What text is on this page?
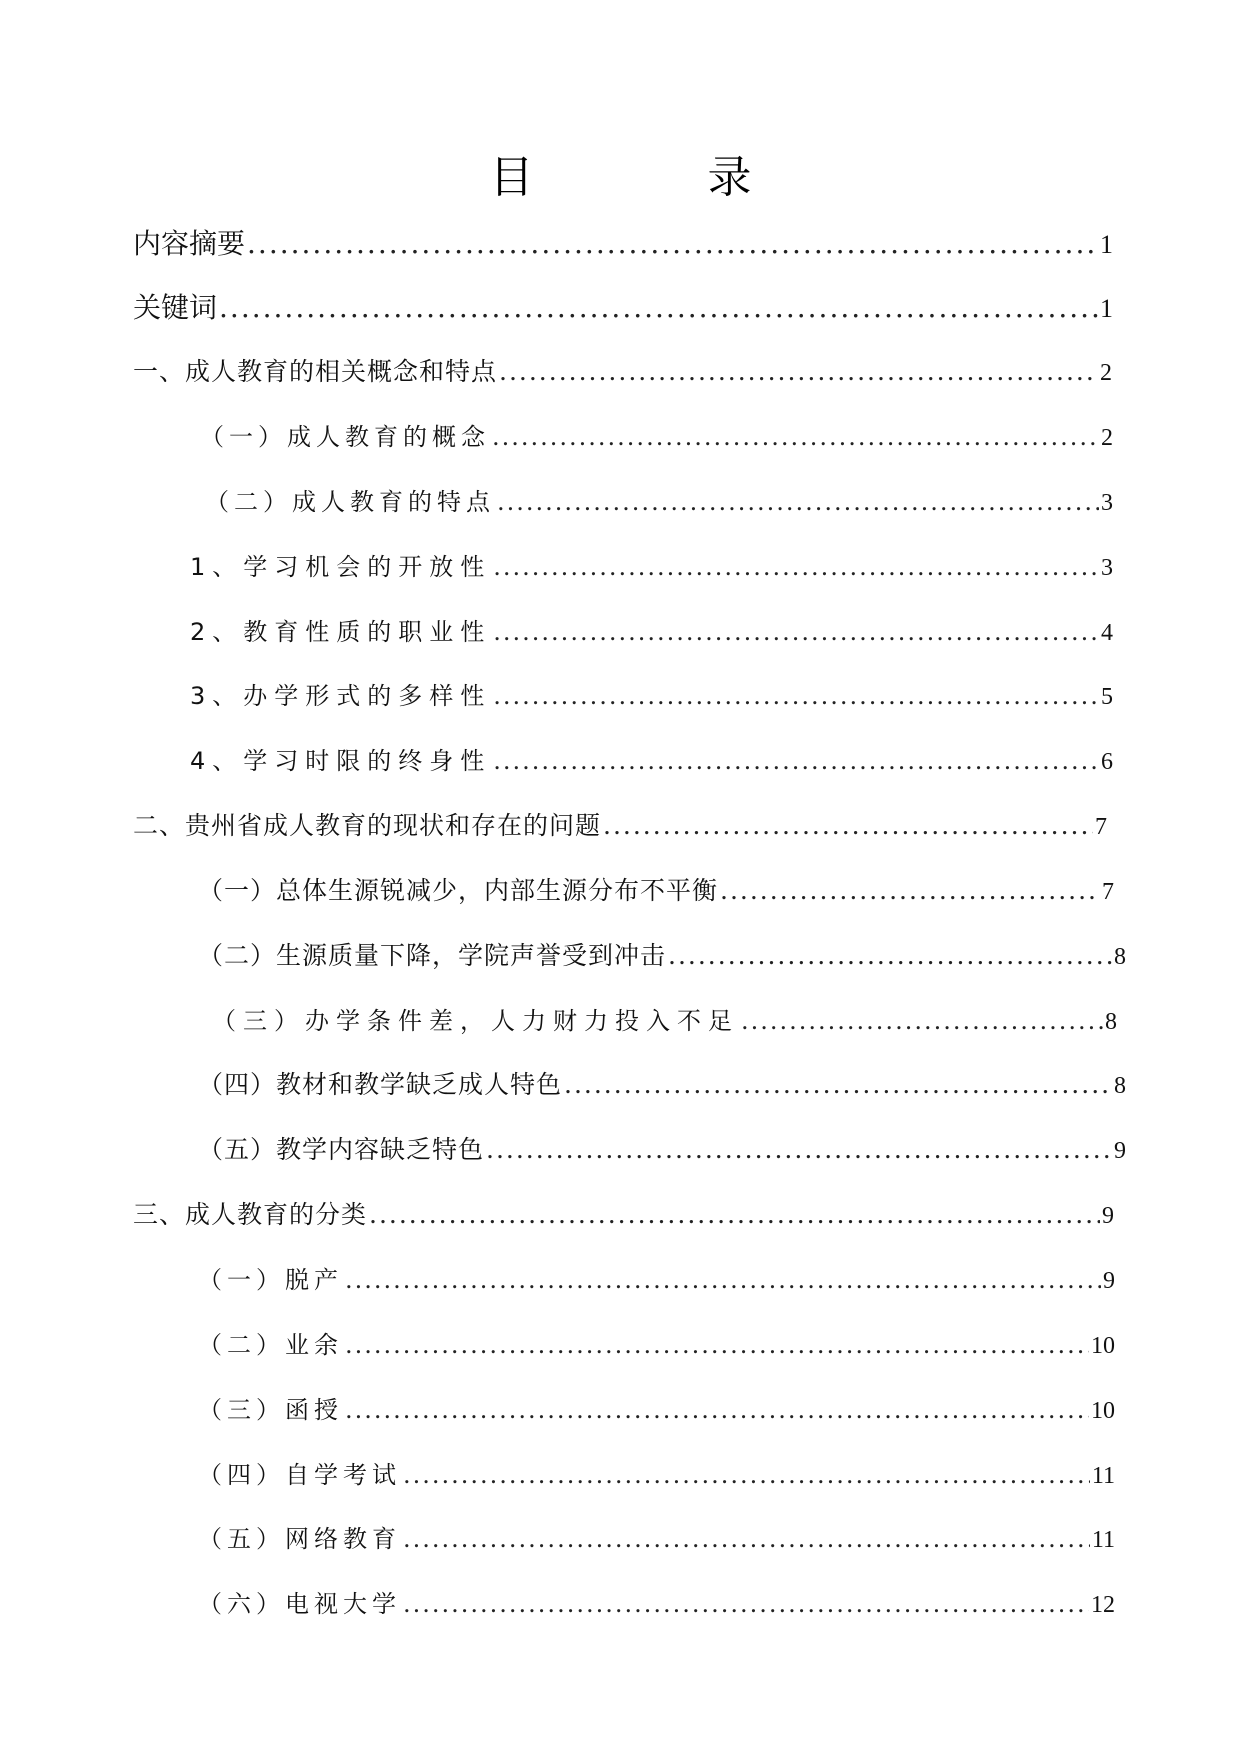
目 录
内容摘要 .....	1
关键词 .....	1
一、成人教育的相关概念和特点 .....	2
（一）成人教育的概念 .....	2
（二）成人教育的特点 .....	3
1、学习机会的开放性 .....	3
2、教育性质的职业性 .....	4
3、办学形式的多样性 .....	5
4、学习时限的终身性 .....	6
二、贵州省成人教育的现状和存在的问题 .....	7
（一）总体生源锐减少，内部生源分布不平衡 .....	7
（二）生源质量下降，学院声誉受到冲击 .....	8
（三）办学条件差，人力财力投入不足 .....	8
（四）教材和教学缺乏成人特色 .....	8
（五）教学内容缺乏特色 .....	9
三、成人教育的分类 .....	9
（一）脱产 .....	9
（二）业余 .....	10
（三）函授 .....	10
（四）自学考试 .....	11
（五）网络教育 .....	11
（六）电视大学 .....	12
